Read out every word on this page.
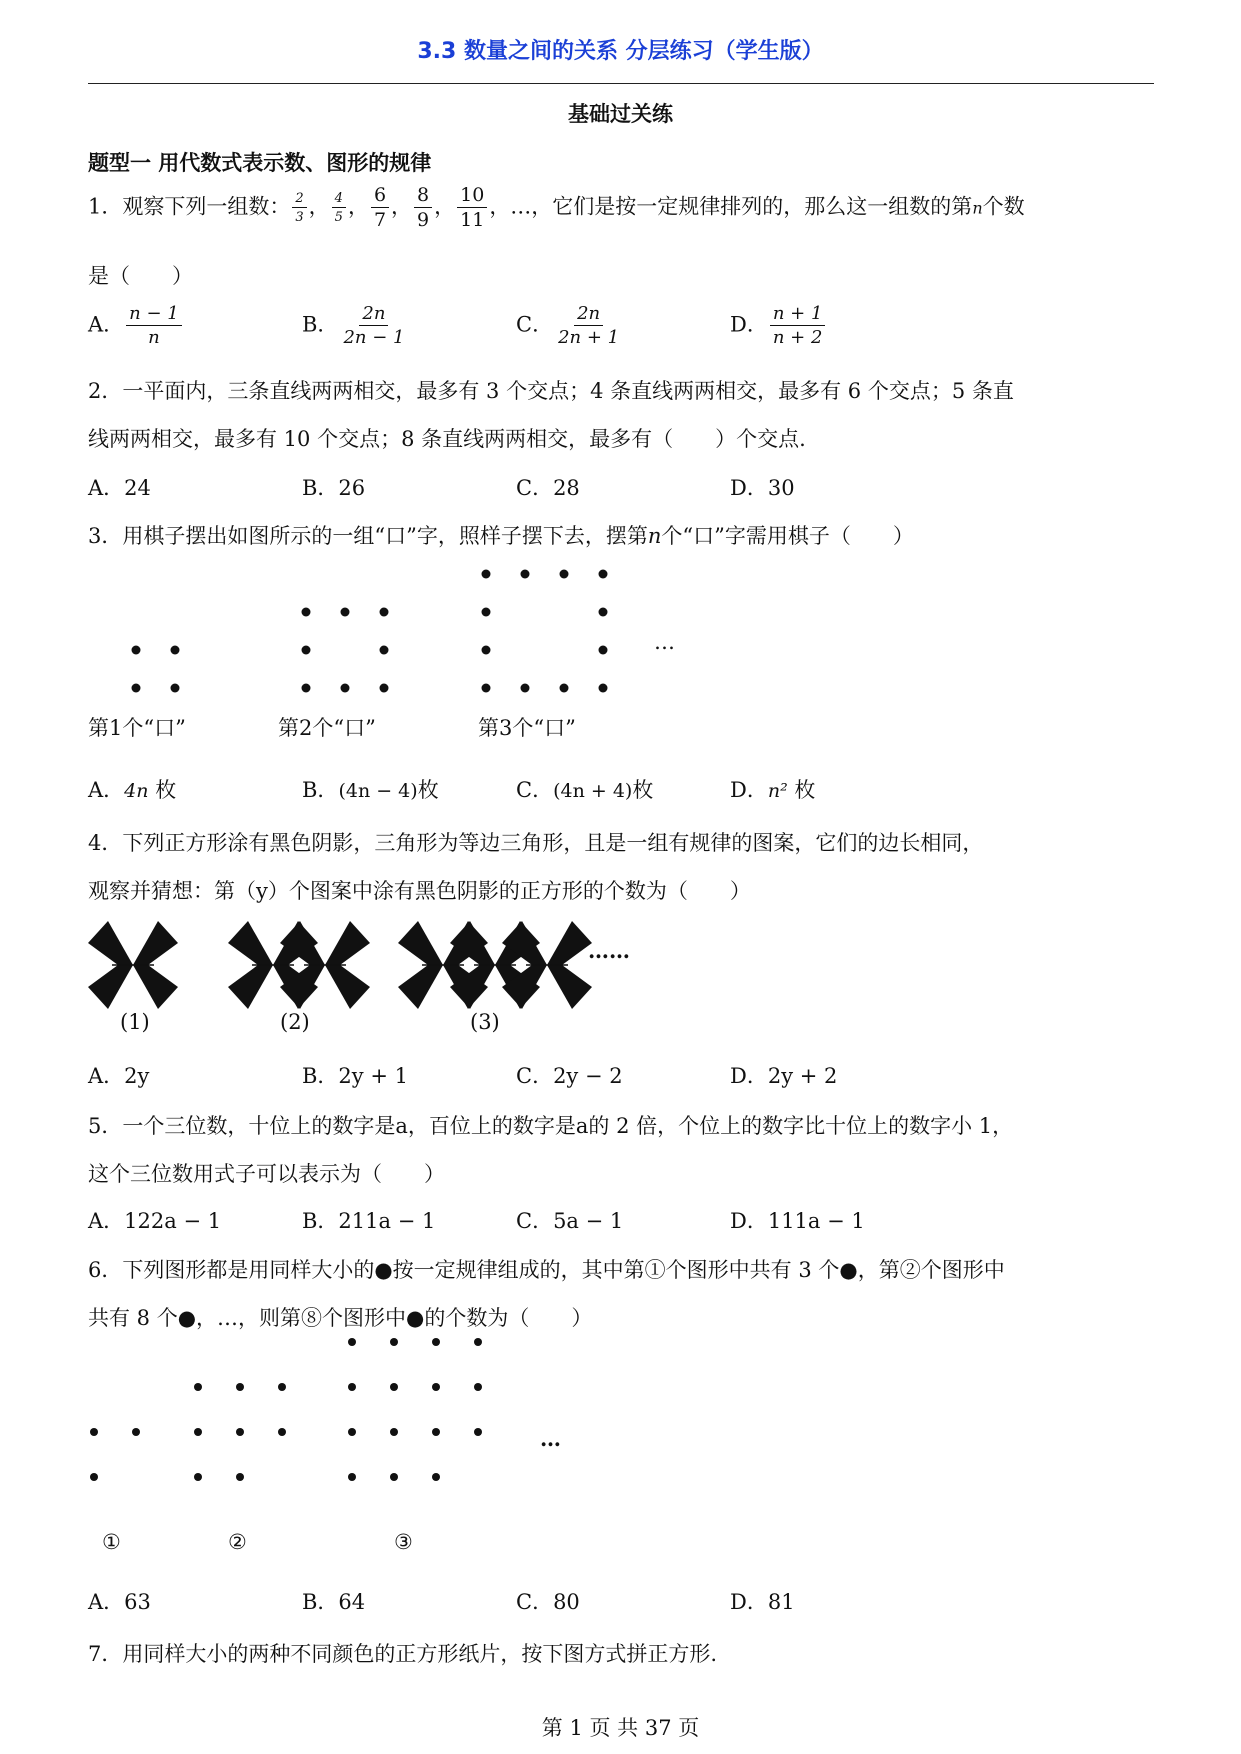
3.3 数量之间的关系 分层练习（学生版）
基础过关练
题型一 用代数式表示数、图形的规律
1．观察下列一组数： $\frac{2}{3}$ ， $\frac{4}{5}$ ， $\frac{6}{7}$ ， $\frac{8}{9}$ ， $\frac{10}{11}$ ，…，它们是按一定规律排列的，那么这一组数的第n个数
是（　　）
A． $\frac{n - 1}{n}$	B． $\frac{2n}{2n - 1}$	C． $\frac{2n}{2n + 1}$	D． $\frac{n + 1}{n + 2}$
2．一平面内，三条直线两两相交，最多有 3 个交点；4 条直线两两相交，最多有 6 个交点；5 条直
线两两相交，最多有 10 个交点；8 条直线两两相交，最多有（　　）个交点.
A．24	B．26	C．28	D．30
3．用棋子摆出如图所示的一组“口”字，照样子摆下去，摆第n个“口”字需用棋子（　　）
…
第1个“口”	第2个“口”	第3个“口”
A．4n 枚	B．(4n − 4)枚	C．(4n + 4)枚	D．n² 枚
4．下列正方形涂有黑色阴影，三角形为等边三角形，且是一组有规律的图案，它们的边长相同，
观察并猜想：第（y）个图案中涂有黑色阴影的正方形的个数为（　　）
……
(1)	(2)	(3)
A．2y	B．2y + 1	C．2y − 2	D．2y + 2
5．一个三位数，十位上的数字是a，百位上的数字是a的 2 倍，个位上的数字比十位上的数字小 1，
这个三位数用式子可以表示为（　　）
A．122a − 1	B．211a − 1	C．5a − 1	D．111a − 1
6．下列图形都是用同样大小的●按一定规律组成的，其中第①个图形中共有 3 个●，第②个图形中
共有 8 个●，…，则第⑧个图形中●的个数为（　　）
…
①	②	③
A．63	B．64	C．80	D．81
7．用同样大小的两种不同颜色的正方形纸片，按下图方式拼正方形.
第 1 页 共 37 页
